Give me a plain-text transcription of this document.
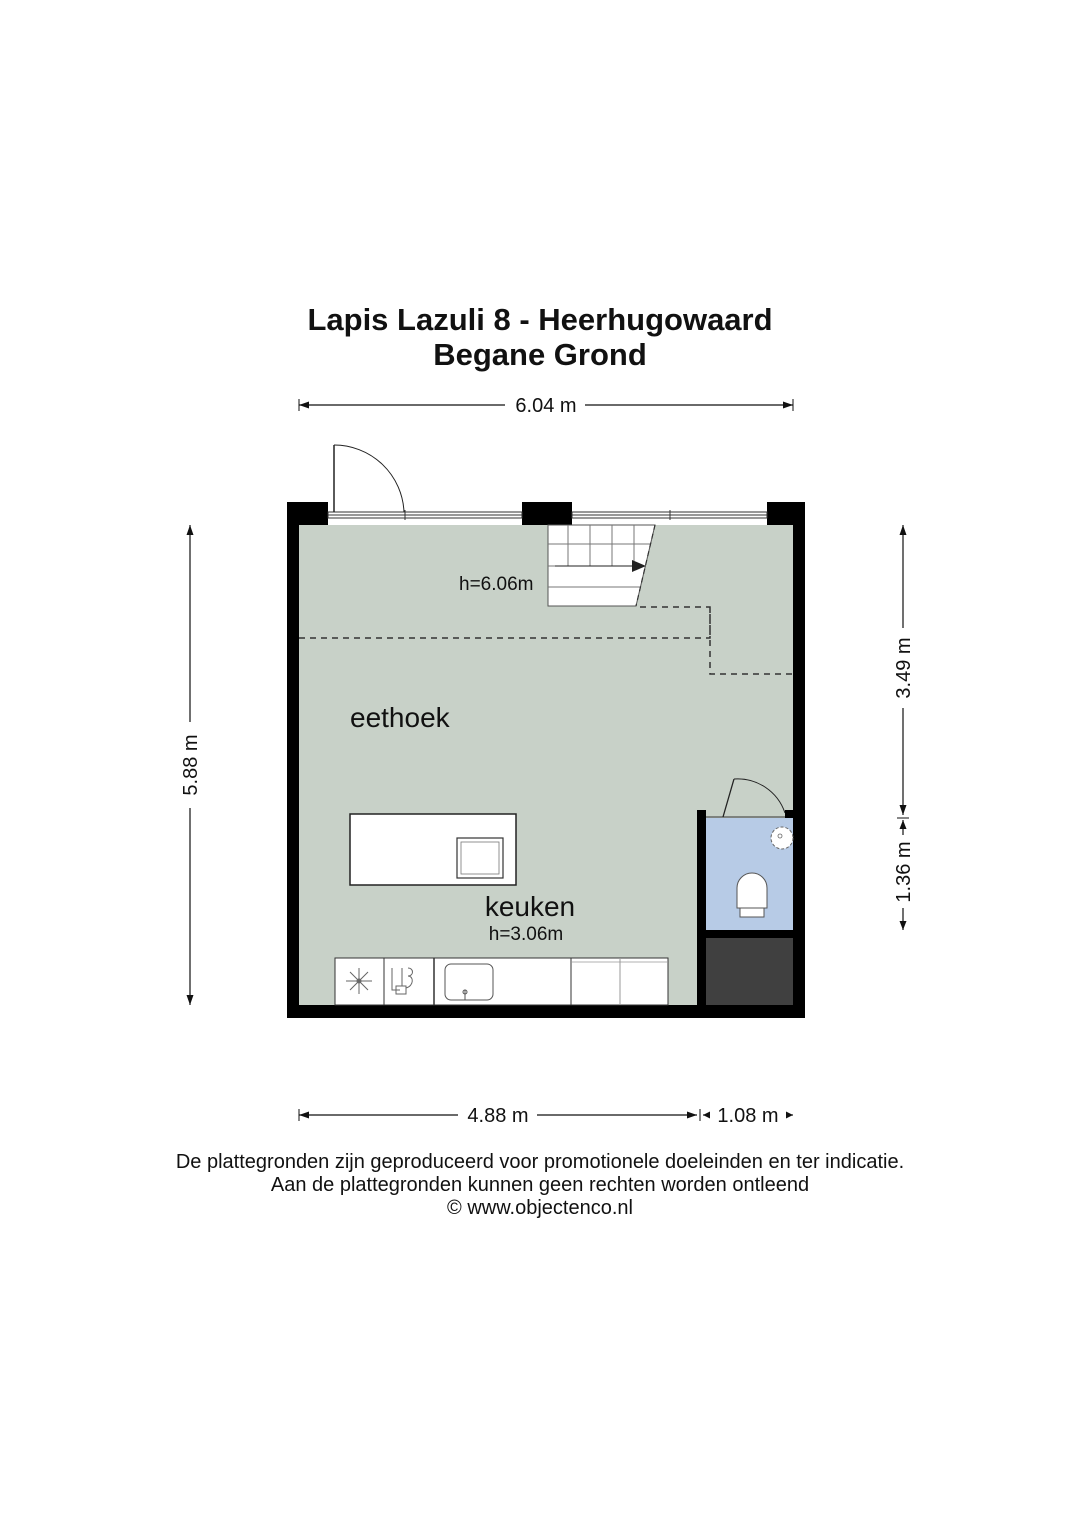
Lapis Lazuli 8 - Heerhugowaard
Begane Grond
6.04 m
5.88 m
3.49 m
1.36 m
4.88 m	1.08 m
eethoek
keuken
h=3.06m
h=6.06m
De plattegronden zijn geproduceerd voor promotionele doeleinden en ter indicatie.
Aan de plattegronden kunnen geen rechten worden ontleend
© www.objectenco.nl
